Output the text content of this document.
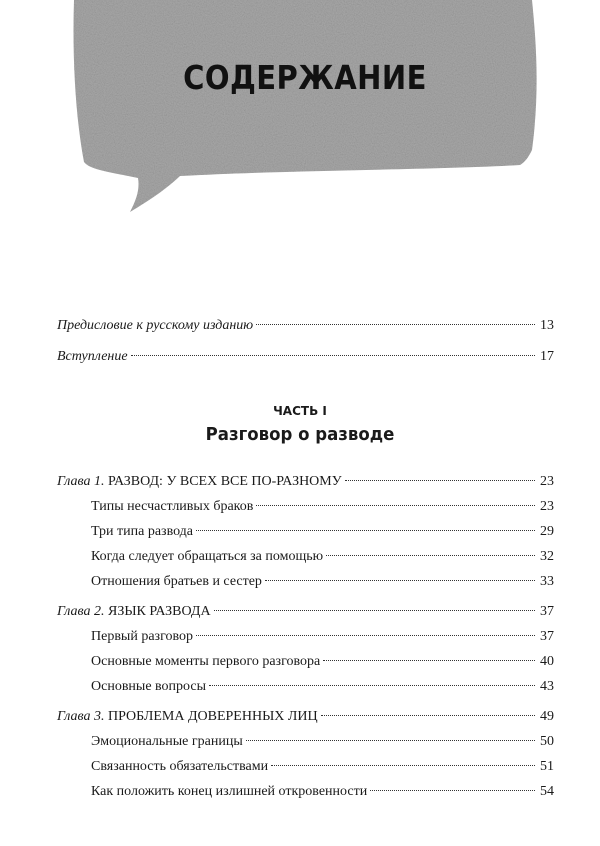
СОДЕРЖАНИЕ
Предисловие к русскому изданию	13
Вступление	17
ЧАСТЬ I
Разговор о разводе
Глава 1. РАЗВОД: У ВСЕХ ВСЕ ПО-РАЗНОМУ	23
Типы несчастливых браков	23
Три типа развода	29
Когда следует обращаться за помощью	32
Отношения братьев и сестер	33
Глава 2. ЯЗЫК РАЗВОДА	37
Первый разговор	37
Основные моменты первого разговора	40
Основные вопросы	43
Глава 3. ПРОБЛЕМА ДОВЕРЕННЫХ ЛИЦ	49
Эмоциональные границы	50
Связанность обязательствами	51
Как положить конец излишней откровенности	54
